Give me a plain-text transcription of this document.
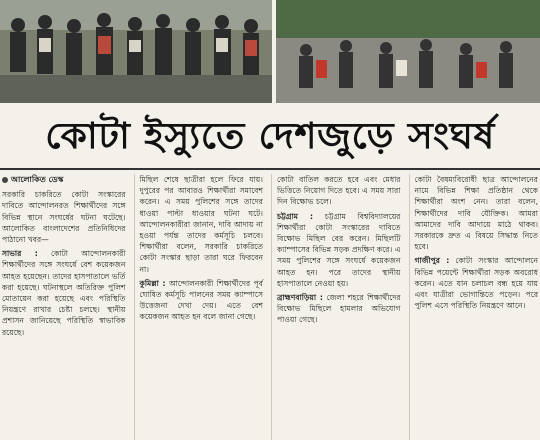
কোটা ইস্যুতে দেশজুড়ে সংঘর্ষ
আলোকিত ডেস্ক

সরকারি চাকরিতে কোটা সংস্কারের দাবিতে আন্দোলনরত শিক্ষার্থীদের সঙ্গে বিভিন্ন স্থানে সংঘর্ষের ঘটনা ঘটেছে। আলোকিত বাংলাদেশের প্রতিনিধিদের পাঠানো খবর—

সাভার : কোটা আন্দোলনকারী শিক্ষার্থীদের সঙ্গে সংঘর্ষে বেশ কয়েকজন আহত হয়েছেন। তাদের হাসপাতালে ভর্তি করা হয়েছে। ঘটনাস্থলে অতিরিক্ত পুলিশ মোতায়েন করা হয়েছে এবং পরিস্থিতি নিয়ন্ত্রণে রাখার চেষ্টা চলছে। স্থানীয় প্রশাসন জানিয়েছে পরিস্থিতি স্বাভাবিক রয়েছে।

মিছিল শেষে ছাত্রীরা হলে ফিরে যায়। দুপুরের পর আবারও শিক্ষার্থীরা সমাবেশ করেন। এ সময় পুলিশের সঙ্গে তাদের ধাওয়া পাল্টা ধাওয়ার ঘটনা ঘটে। আন্দোলনকারীরা জানান, দাবি আদায় না হওয়া পর্যন্ত তাদের কর্মসূচি চলবে। শিক্ষার্থীরা বলেন, সরকারি চাকরিতে কোটা সংস্কার ছাড়া তারা ঘরে ফিরবেন না।

কুমিল্লা : আন্দোলনকারী শিক্ষার্থীদের পূর্ব ঘোষিত কর্মসূচি পালনের সময় ক্যাম্পাসে উত্তেজনা দেখা দেয়। এতে বেশ কয়েকজন আহত হন বলে জানা গেছে।

কোটা বাতিল করতে হবে এবং মেধার ভিত্তিতে নিয়োগ দিতে হবে। এ সময় সারা দিন বিক্ষোভ চলে।

চট্টগ্রাম : চট্টগ্রাম বিশ্ববিদ্যালয়ের শিক্ষার্থীরা কোটা সংস্কারের দাবিতে বিক্ষোভ মিছিল বের করেন। মিছিলটি ক্যাম্পাসের বিভিন্ন সড়ক প্রদক্ষিণ করে। এ সময় পুলিশের সঙ্গে সংঘর্ষে কয়েকজন আহত হন। পরে তাদের স্থানীয় হাসপাতালে নেওয়া হয়।

ব্রাহ্মণবাড়িয়া : জেলা শহরে শিক্ষার্থীদের বিক্ষোভ মিছিলে হামলার অভিযোগ পাওয়া গেছে।

কোটা বৈষম্যবিরোধী ছাত্র আন্দোলনের নামে বিভিন্ন শিক্ষা প্রতিষ্ঠান থেকে শিক্ষার্থীরা অংশ নেন। তারা বলেন, শিক্ষার্থীদের দাবি যৌক্তিক। আমরা আমাদের দাবি আদায়ে মাঠে থাকব। সরকারকে দ্রুত এ বিষয়ে সিদ্ধান্ত নিতে হবে।

গাজীপুর : কোটা সংস্কার আন্দোলনে বিভিন্ন পয়েন্টে শিক্ষার্থীরা সড়ক অবরোধ করেন। এতে যান চলাচল বন্ধ হয়ে যায় এবং যাত্রীরা ভোগান্তিতে পড়েন। পরে পুলিশ এসে পরিস্থিতি নিয়ন্ত্রণে আনে।
